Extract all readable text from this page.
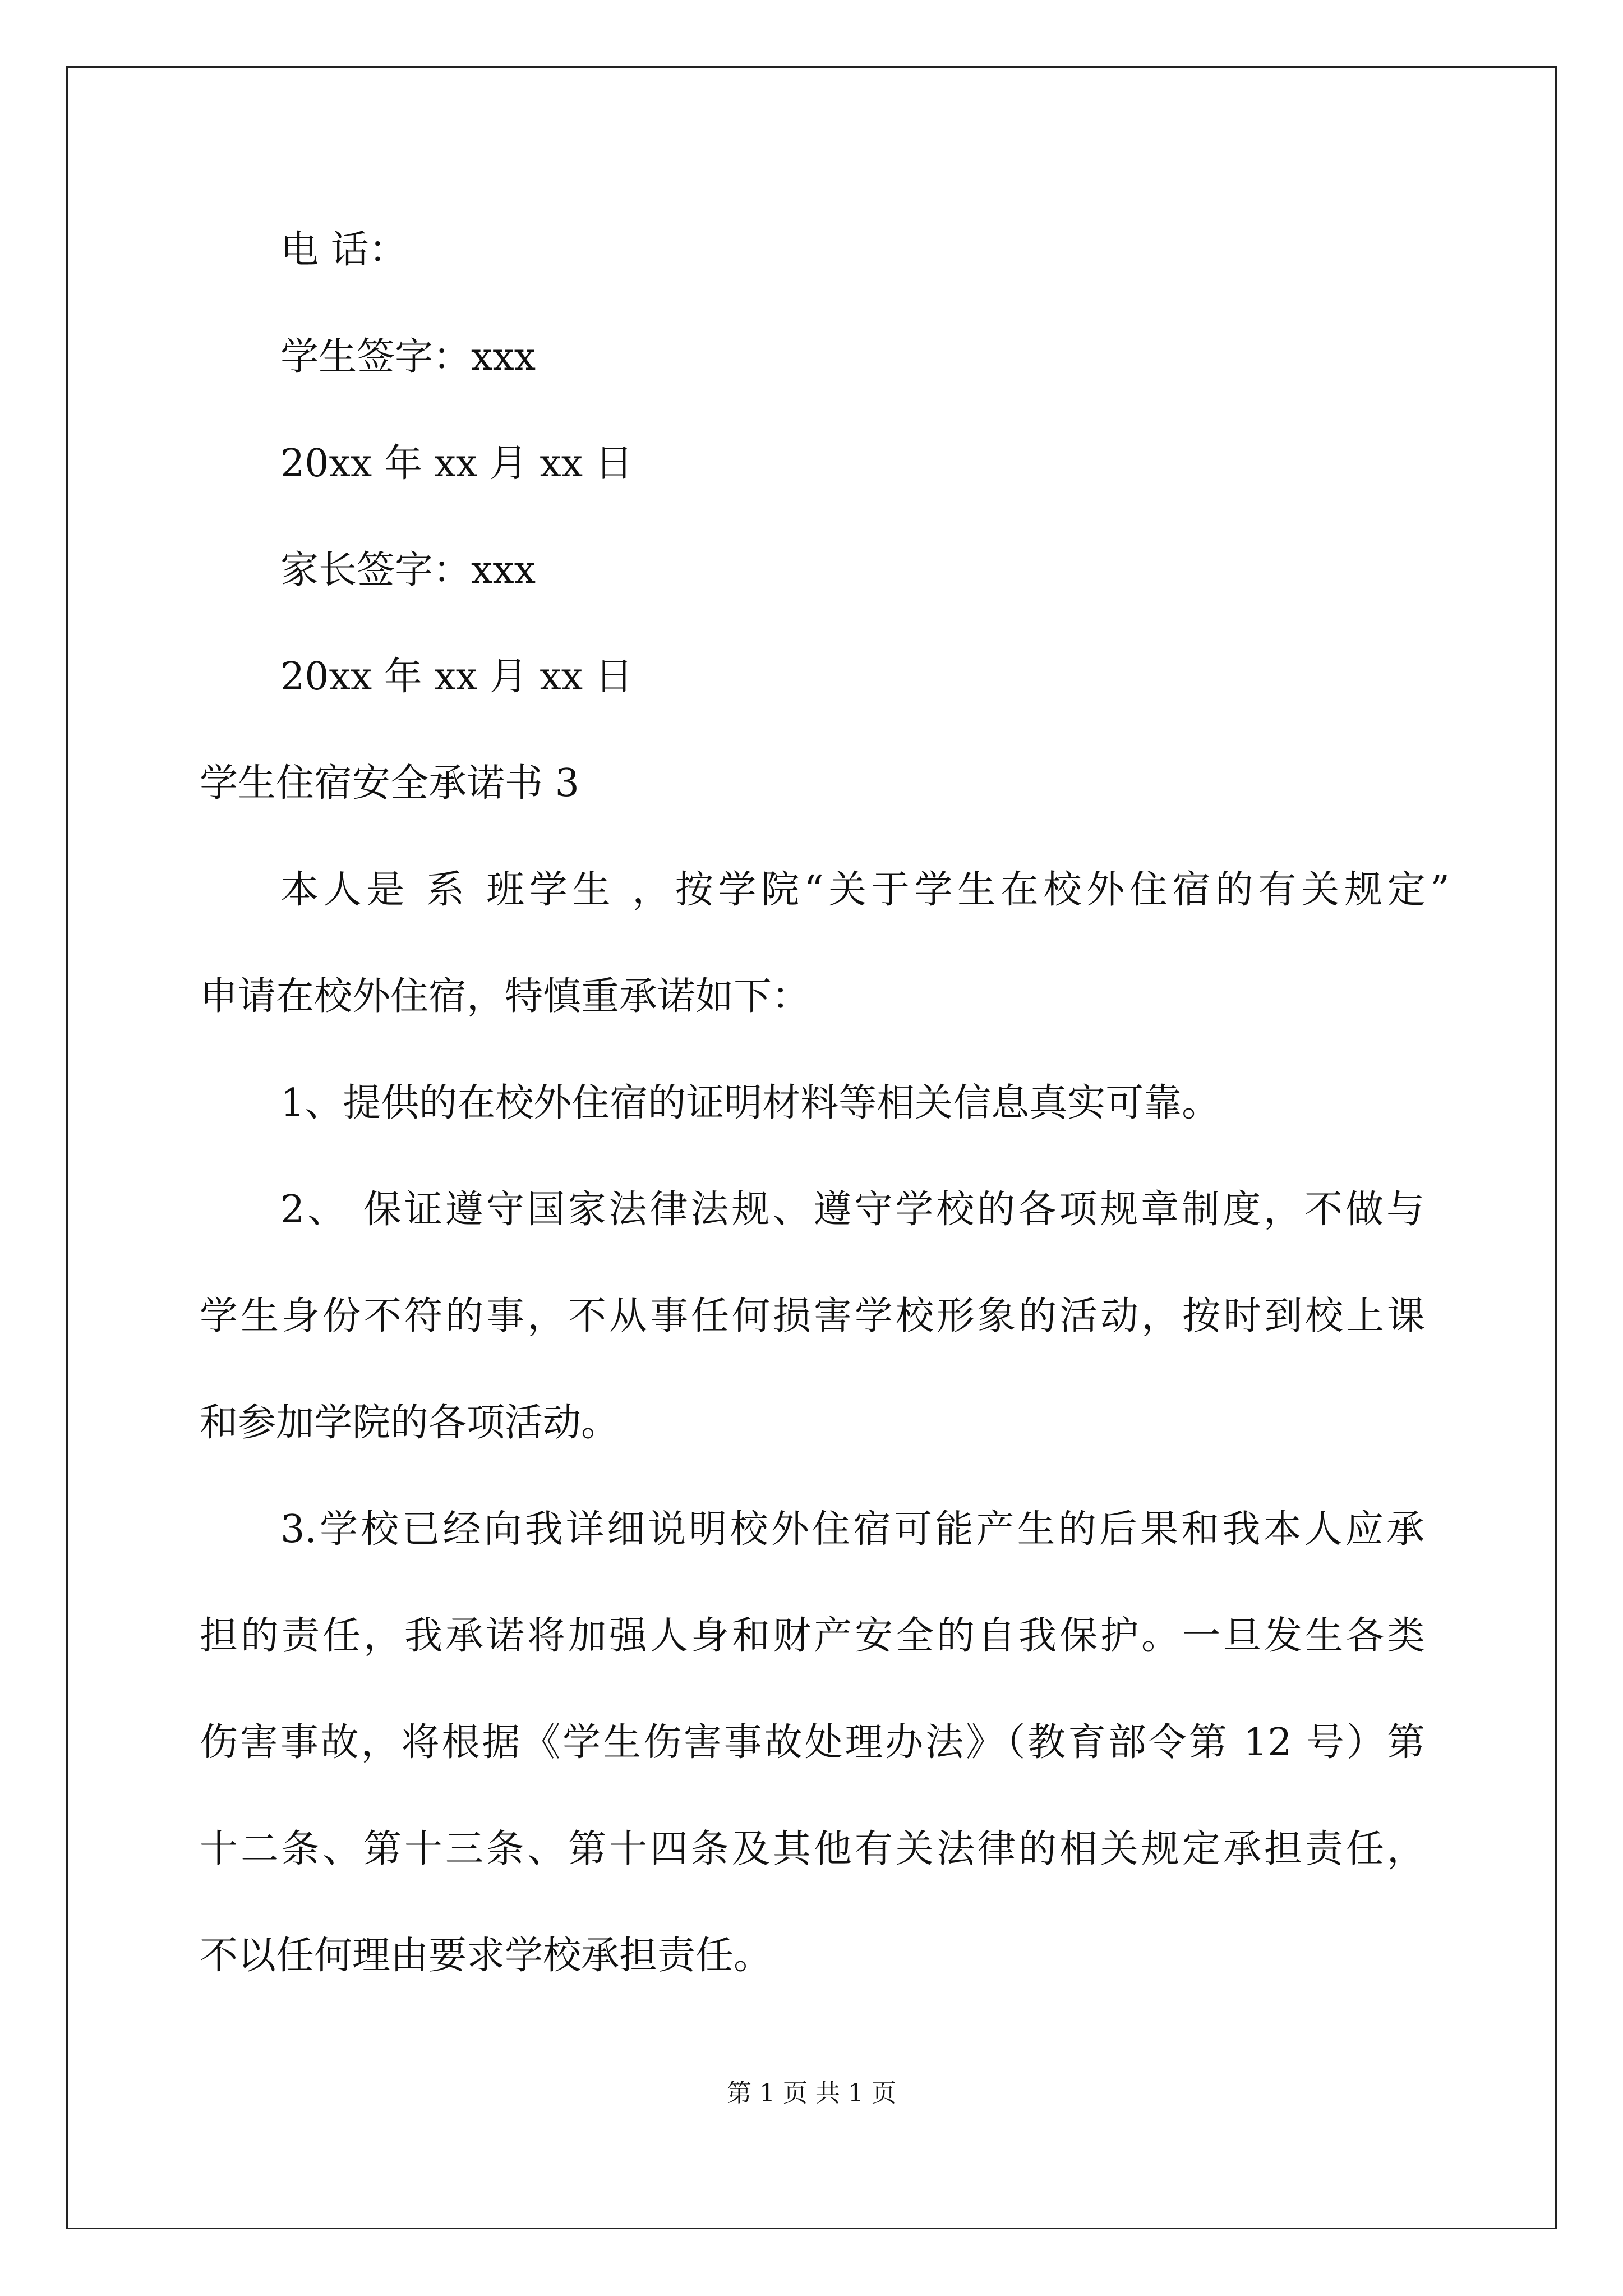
电 话：
学生签字：xxx
20xx 年 xx 月 xx 日
家长签字：xxx
20xx 年 xx 月 xx 日
学生住宿安全承诺书 3
本人是 系 班学生 ，按学院“关于学生在校外住宿的有关规定”
申请在校外住宿，特慎重承诺如下：
1、提供的在校外住宿的证明材料等相关信息真实可靠。
2、 保证遵守国家法律法规、遵守学校的各项规章制度，不做与
学生身份不符的事，不从事任何损害学校形象的活动，按时到校上课
和参加学院的各项活动。
3.学校已经向我详细说明校外住宿可能产生的后果和我本人应承
担的责任，我承诺将加强人身和财产安全的自我保护。一旦发生各类
伤害事故，将根据《学生伤害事故处理办法》（教育部令第 12 号）第
十二条、第十三条、第十四条及其他有关法律的相关规定承担责任，
不以任何理由要求学校承担责任。
第 1 页 共 1 页
